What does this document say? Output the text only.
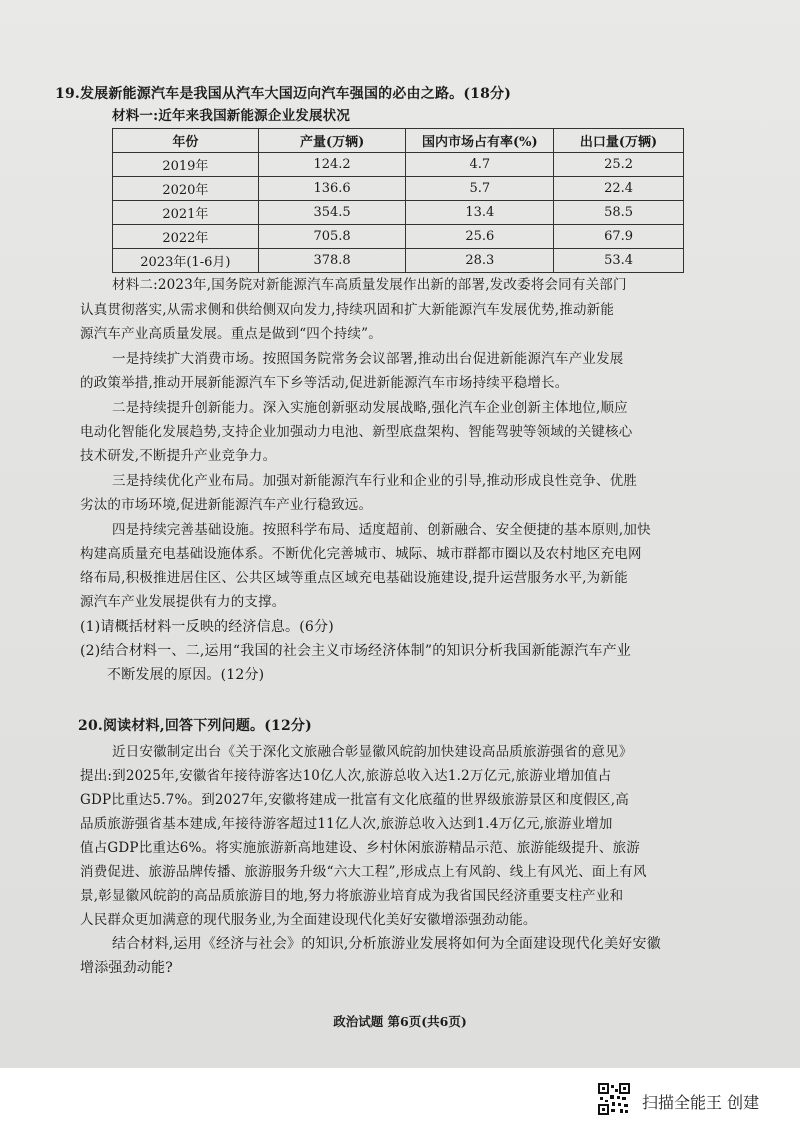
19.发展新能源汽车是我国从汽车大国迈向汽车强国的必由之路。(18分)
材料一:近年来我国新能源企业发展状况
年份	产量(万辆)	国内市场占有率(%)	出口量(万辆)
2019年	124.2	4.7	25.2
2020年	136.6	5.7	22.4
2021年	354.5	13.4	58.5
2022年	705.8	25.6	67.9
2023年(1-6月)	378.8	28.3	53.4
材料二:2023年,国务院对新能源汽车高质量发展作出新的部署,发改委将会同有关部门
认真贯彻落实,从需求侧和供给侧双向发力,持续巩固和扩大新能源汽车发展优势,推动新能
源汽车产业高质量发展。重点是做到“四个持续”。
一是持续扩大消费市场。按照国务院常务会议部署,推动出台促进新能源汽车产业发展
的政策举措,推动开展新能源汽车下乡等活动,促进新能源汽车市场持续平稳增长。
二是持续提升创新能力。深入实施创新驱动发展战略,强化汽车企业创新主体地位,顺应
电动化智能化发展趋势,支持企业加强动力电池、新型底盘架构、智能驾驶等领域的关键核心
技术研发,不断提升产业竞争力。
三是持续优化产业布局。加强对新能源汽车行业和企业的引导,推动形成良性竞争、优胜
劣汰的市场环境,促进新能源汽车产业行稳致远。
四是持续完善基础设施。按照科学布局、适度超前、创新融合、安全便捷的基本原则,加快
构建高质量充电基础设施体系。不断优化完善城市、城际、城市群都市圈以及农村地区充电网
络布局,积极推进居住区、公共区域等重点区域充电基础设施建设,提升运营服务水平,为新能
源汽车产业发展提供有力的支撑。
(1)请概括材料一反映的经济信息。(6分)
(2)结合材料一、二,运用“我国的社会主义市场经济体制”的知识分析我国新能源汽车产业
不断发展的原因。(12分)
20.阅读材料,回答下列问题。(12分)
近日安徽制定出台《关于深化文旅融合彰显徽风皖韵加快建设高品质旅游强省的意见》
提出:到2025年,安徽省年接待游客达10亿人次,旅游总收入达1.2万亿元,旅游业增加值占
GDP比重达5.7%。到2027年,安徽将建成一批富有文化底蕴的世界级旅游景区和度假区,高
品质旅游强省基本建成,年接待游客超过11亿人次,旅游总收入达到1.4万亿元,旅游业增加
值占GDP比重达6%。将实施旅游新高地建设、乡村休闲旅游精品示范、旅游能级提升、旅游
消费促进、旅游品牌传播、旅游服务升级“六大工程”,形成点上有风韵、线上有风光、面上有风
景,彰显徽风皖韵的高品质旅游目的地,努力将旅游业培育成为我省国民经济重要支柱产业和
人民群众更加满意的现代服务业,为全面建设现代化美好安徽增添强劲动能。
结合材料,运用《经济与社会》的知识,分析旅游业发展将如何为全面建设现代化美好安徽
增添强劲动能?
政治试题 第6页(共6页)
扫描全能王 创建
